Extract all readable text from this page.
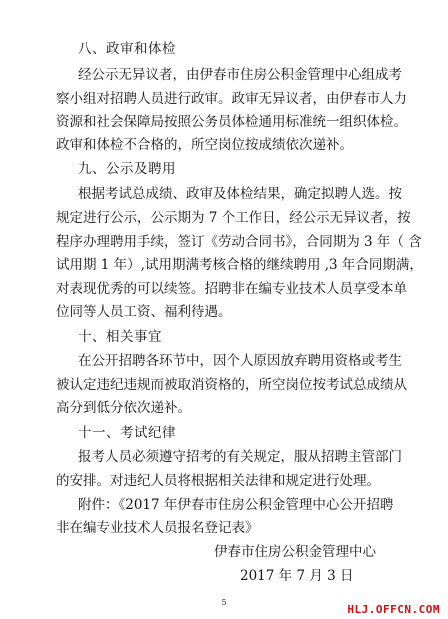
八、政审和体检
经公示无异议者，由伊春市住房公积金管理中心组成考
察小组对招聘人员进行政审。政审无异议者，由伊春市人力
资源和社会保障局按照公务员体检通用标准统一组织体检。
政审和体检不合格的，所空岗位按成绩依次递补。
九、公示及聘用
根据考试总成绩、政审及体检结果，确定拟聘人选。按
规定进行公示，公示期为 7 个工作日，经公示无异议者，按
程序办理聘用手续，签订《劳动合同书》，合同期为 3 年（ 含
试用期 1 年）,试用期满考核合格的继续聘用 ,3 年合同期满，
对表现优秀的可以续签。招聘非在编专业技术人员享受本单
位同等人员工资、福利待遇。
十、相关事宜
在公开招聘各环节中，因个人原因放弃聘用资格或考生
被认定违纪违规而被取消资格的，所空岗位按考试总成绩从
高分到低分依次递补。
十一、考试纪律
报考人员必须遵守招考的有关规定，服从招聘主管部门
的安排。对违纪人员将根据相关法律和规定进行处理。
附件：《2017 年伊春市住房公积金管理中心公开招聘
非在编专业技术人员报名登记表》
伊春市住房公积金管理中心
2017 年 7 月 3 日
5
HLJ.OFFCN.COM
